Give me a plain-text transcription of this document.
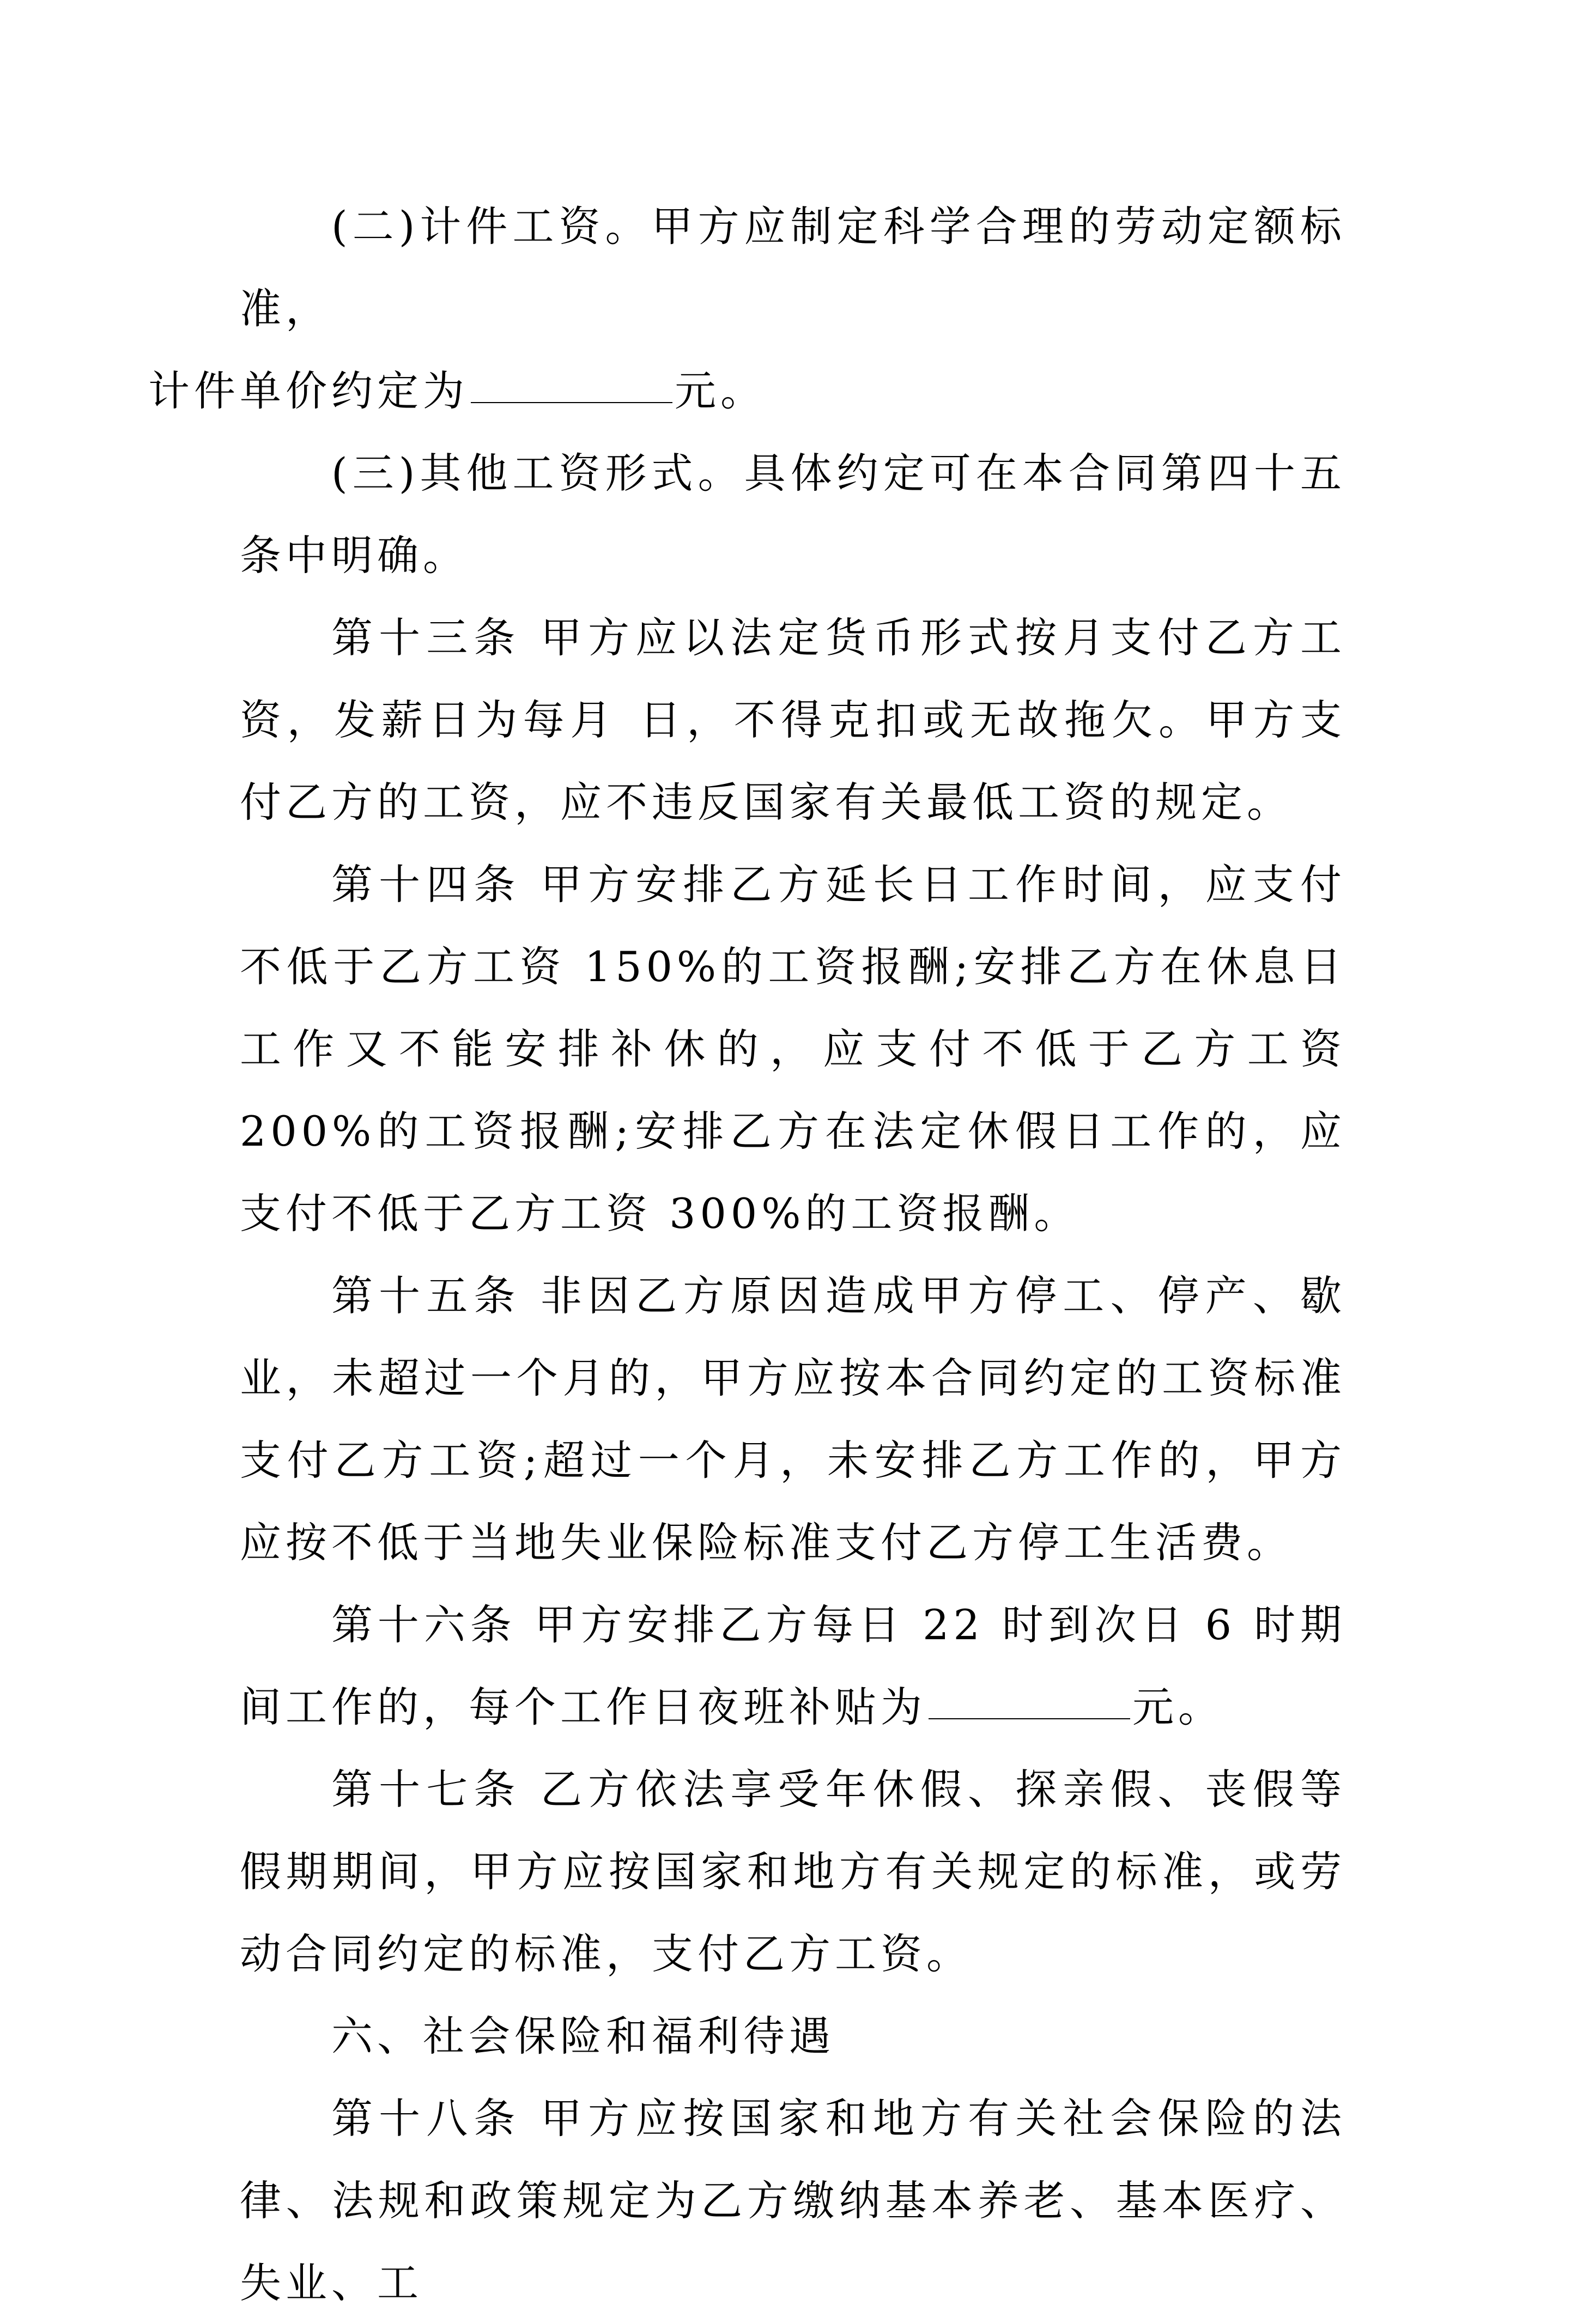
(二)计件工资。甲方应制定科学合理的劳动定额标准，
计件单价约定为	元。

(三)其他工资形式。具体约定可在本合同第四十五条中明确。

第十三条 甲方应以法定货币形式按月支付乙方工资，发薪日为每月 日，不得克扣或无故拖欠。甲方支付乙方的工资，应不违反国家有关最低工资的规定。

第十四条 甲方安排乙方延长日工作时间，应支付不低于乙方工资 150%的工资报酬;安排乙方在休息日工作又不能安排补休的，应支付不低于乙方工资 200%的工资报酬;安排乙方在法定休假日工作的，应支付不低于乙方工资 300%的工资报酬。

第十五条 非因乙方原因造成甲方停工、停产、歇业，未超过一个月的，甲方应按本合同约定的工资标准支付乙方工资;超过一个月，未安排乙方工作的，甲方应按不低于当地失业保险标准支付乙方停工生活费。

第十六条 甲方安排乙方每日 22 时到次日 6 时期间工作的，每个工作日夜班补贴为	元。

第十七条 乙方依法享受年休假、探亲假、丧假等假期期间，甲方应按国家和地方有关规定的标准，或劳动合同约定的标准，支付乙方工资。

六、社会保险和福利待遇

第十八条 甲方应按国家和地方有关社会保险的法律、法规和政策规定为乙方缴纳基本养老、基本医疗、失业、工
